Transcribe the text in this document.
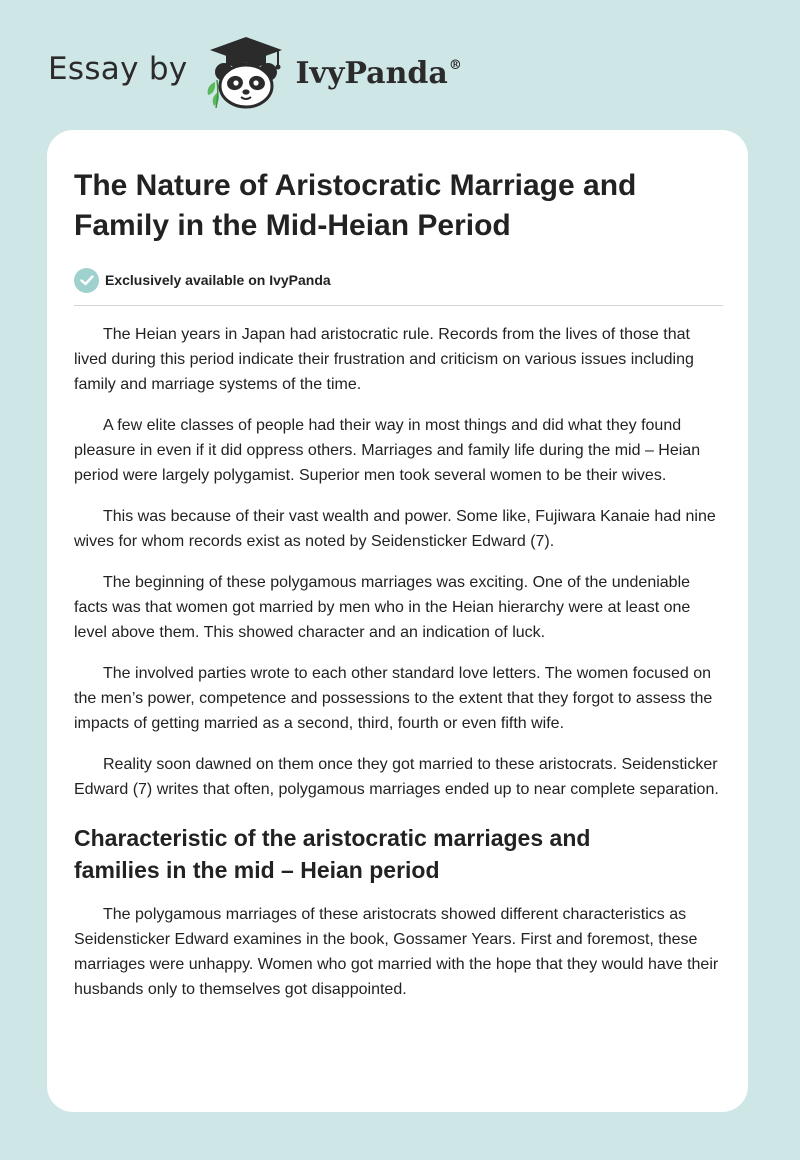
Essay by	IvyPanda®
The Nature of Aristocratic Marriage and
Family in the Mid-Heian Period
Exclusively available on IvyPanda

The Heian years in Japan had aristocratic rule. Records from the lives of those that lived during this period indicate their frustration and criticism on various issues including family and marriage systems of the time.

A few elite classes of people had their way in most things and did what they found pleasure in even if it did oppress others. Marriages and family life during the mid – Heian period were largely polygamist. Superior men took several women to be their wives.

This was because of their vast wealth and power. Some like, Fujiwara Kanaie had nine wives for whom records exist as noted by Seidensticker Edward (7).

The beginning of these polygamous marriages was exciting. One of the undeniable facts was that women got married by men who in the Heian hierarchy were at least one level above them. This showed character and an indication of luck.

The involved parties wrote to each other standard love letters. The women focused on the men’s power, competence and possessions to the extent that they forgot to assess the impacts of getting married as a second, third, fourth or even fifth wife.

Reality soon dawned on them once they got married to these aristocrats. Seidensticker Edward (7) writes that often, polygamous marriages ended up to near complete separation.

Characteristic of the aristocratic marriages and
families in the mid – Heian period

The polygamous marriages of these aristocrats showed different characteristics as Seidensticker Edward examines in the book, Gossamer Years. First and foremost, these marriages were unhappy. Women who got married with the hope that they would have their husbands only to themselves got disappointed.
